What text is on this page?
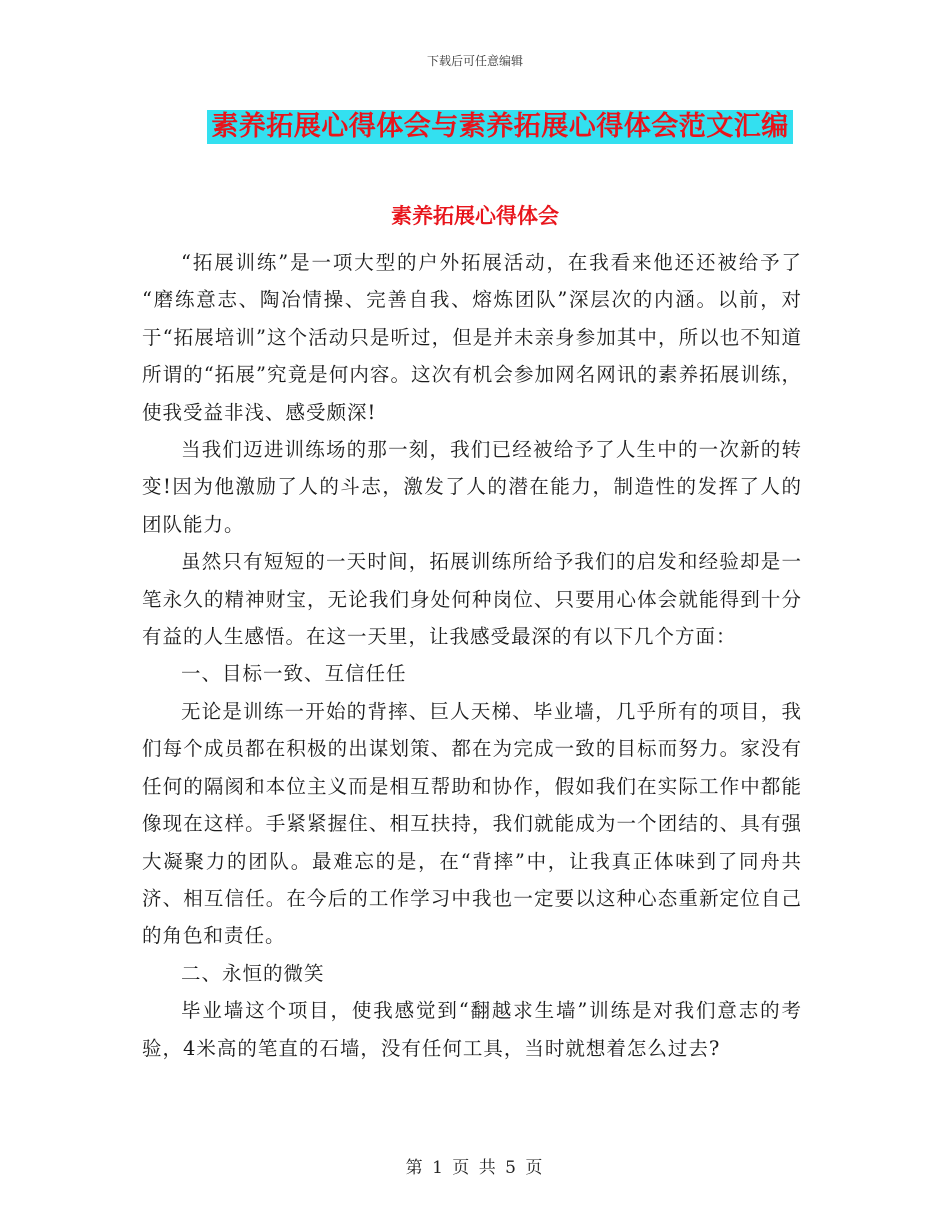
下载后可任意编辑
素养拓展心得体会与素养拓展心得体会范文汇编
素养拓展心得体会

“拓展训练”是一项大型的户外拓展活动，在我看来他还还被给予了 “磨练意志、陶冶情操、完善自我、熔炼团队”深层次的内涵。以前，对于“拓展培训”这个活动只是听过，但是并未亲身参加其中，所以也不知道所谓的“拓展”究竟是何内容。这次有机会参加网名网讯的素养拓展训练，使我受益非浅、感受颇深!

当我们迈进训练场的那一刻，我们已经被给予了人生中的一次新的转变!因为他激励了人的斗志，激发了人的潜在能力，制造性的发挥了人的团队能力。

虽然只有短短的一天时间，拓展训练所给予我们的启发和经验却是一笔永久的精神财宝，无论我们身处何种岗位、只要用心体会就能得到十分有益的人生感悟。在这一天里，让我感受最深的有以下几个方面：

一、目标一致、互信任任

无论是训练一开始的背摔、巨人天梯、毕业墙，几乎所有的项目，我们每个成员都在积极的出谋划策、都在为完成一致的目标而努力。家没有任何的隔阂和本位主义而是相互帮助和协作，假如我们在实际工作中都能像现在这样。手紧紧握住、相互扶持，我们就能成为一个团结的、具有强大凝聚力的团队。最难忘的是，在“背摔”中，让我真正体味到了同舟共济、相互信任。在今后的工作学习中我也一定要以这种心态重新定位自己的角色和责任。

二、永恒的微笑

毕业墙这个项目，使我感觉到“翻越求生墙”训练是对我们意志的考验，4米高的笔直的石墙，没有任何工具，当时就想着怎么过去?

第 1 页 共 5 页
